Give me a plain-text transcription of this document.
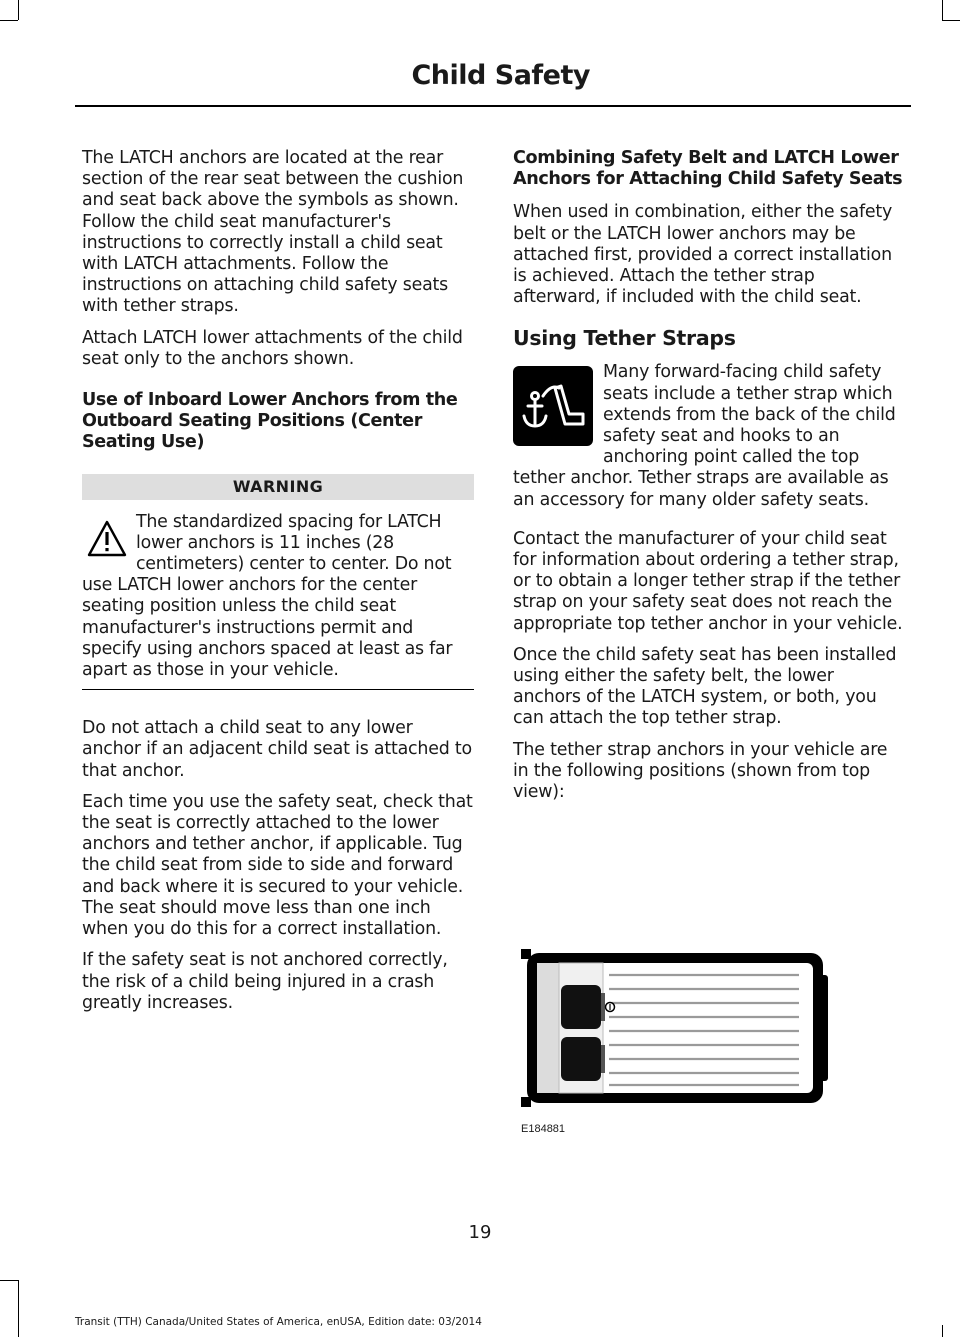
Child Safety
The LATCH anchors are located at the rear section of the rear seat between the cushion and seat back above the symbols as shown. Follow the child seat manufacturer's instructions to correctly install a child seat with LATCH attachments. Follow the instructions on attaching child safety seats with tether straps.
Attach LATCH lower attachments of the child seat only to the anchors shown.
Use of Inboard Lower Anchors from the Outboard Seating Positions (Center Seating Use)
WARNING
The standardized spacing for LATCH lower anchors is 11 inches (28 centimeters) center to center. Do not use LATCH lower anchors for the center seating position unless the child seat manufacturer's instructions permit and specify using anchors spaced at least as far apart as those in your vehicle.
Do not attach a child seat to any lower anchor if an adjacent child seat is attached to that anchor.
Each time you use the safety seat, check that the seat is correctly attached to the lower anchors and tether anchor, if applicable. Tug the child seat from side to side and forward and back where it is secured to your vehicle. The seat should move less than one inch when you do this for a correct installation.
If the safety seat is not anchored correctly, the risk of a child being injured in a crash greatly increases.
Combining Safety Belt and LATCH Lower Anchors for Attaching Child Safety Seats
When used in combination, either the safety belt or the LATCH lower anchors may be attached first, provided a correct installation is achieved. Attach the tether strap afterward, if included with the child seat.
Using Tether Straps
Many forward-facing child safety seats include a tether strap which extends from the back of the child safety seat and hooks to an anchoring point called the top tether anchor. Tether straps are available as an accessory for many older safety seats.
Contact the manufacturer of your child seat for information about ordering a tether strap, or to obtain a longer tether strap if the tether strap on your safety seat does not reach the appropriate top tether anchor in your vehicle.
Once the child safety seat has been installed using either the safety belt, the lower anchors of the LATCH system, or both, you can attach the top tether strap.
The tether strap anchors in your vehicle are in the following positions (shown from top view):
E184881
19
Transit (TTH) Canada/United States of America, enUSA, Edition date: 03/2014
